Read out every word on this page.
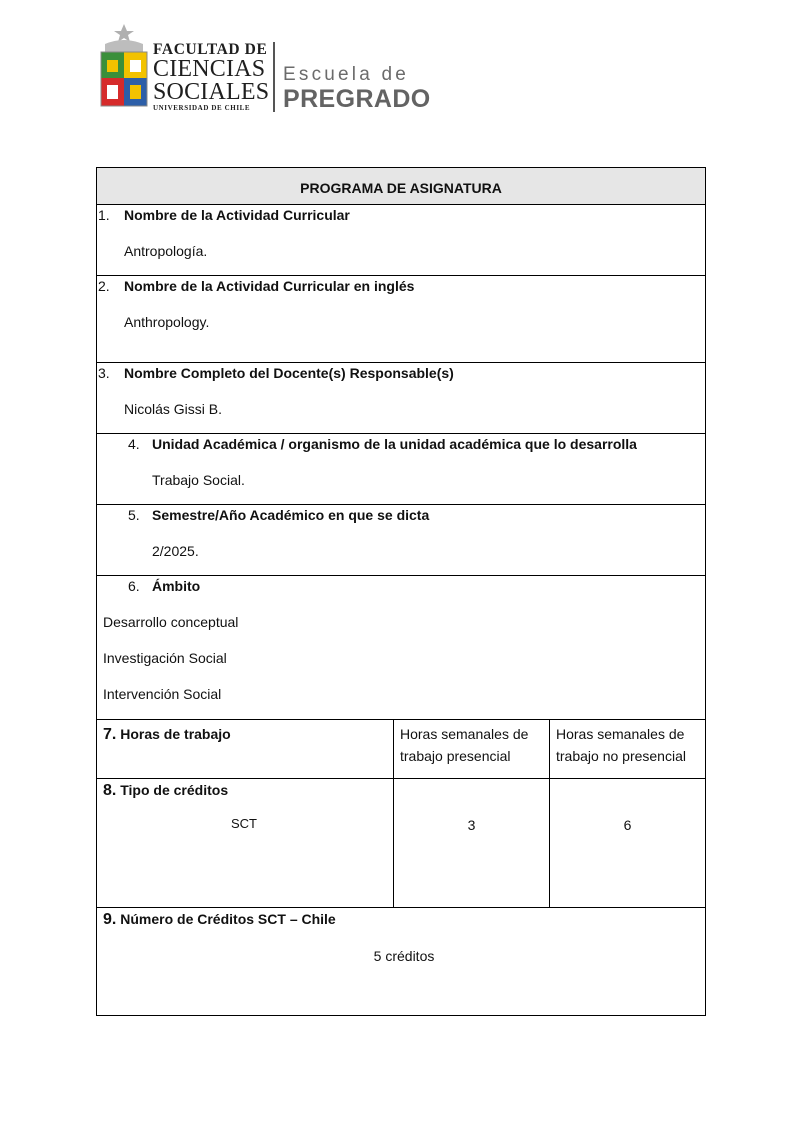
FACULTAD DE
CIENCIAS
SOCIALES
UNIVERSIDAD DE CHILE
Escuela de
PREGRADO
PROGRAMA DE ASIGNATURA		

1. Nombre de la Actividad Curricular
Antropología.		

2. Nombre de la Actividad Curricular en inglés
Anthropology.		

3. Nombre Completo del Docente(s) Responsable(s)
Nicolás Gissi B.		

4. Unidad Académica / organismo de la unidad académica que lo desarrolla
Trabajo Social.		

5. Semestre/Año Académico en que se dicta
2/2025.		

6. Ámbito
Desarrollo conceptual
Investigación Social
Intervención Social		

7. Horas de trabajo	Horas semanales de trabajo presencial	Horas semanales de trabajo no presencial

8. Tipo de créditos
SCT	3	6

9. Número de Créditos SCT – Chile
5 créditos		
